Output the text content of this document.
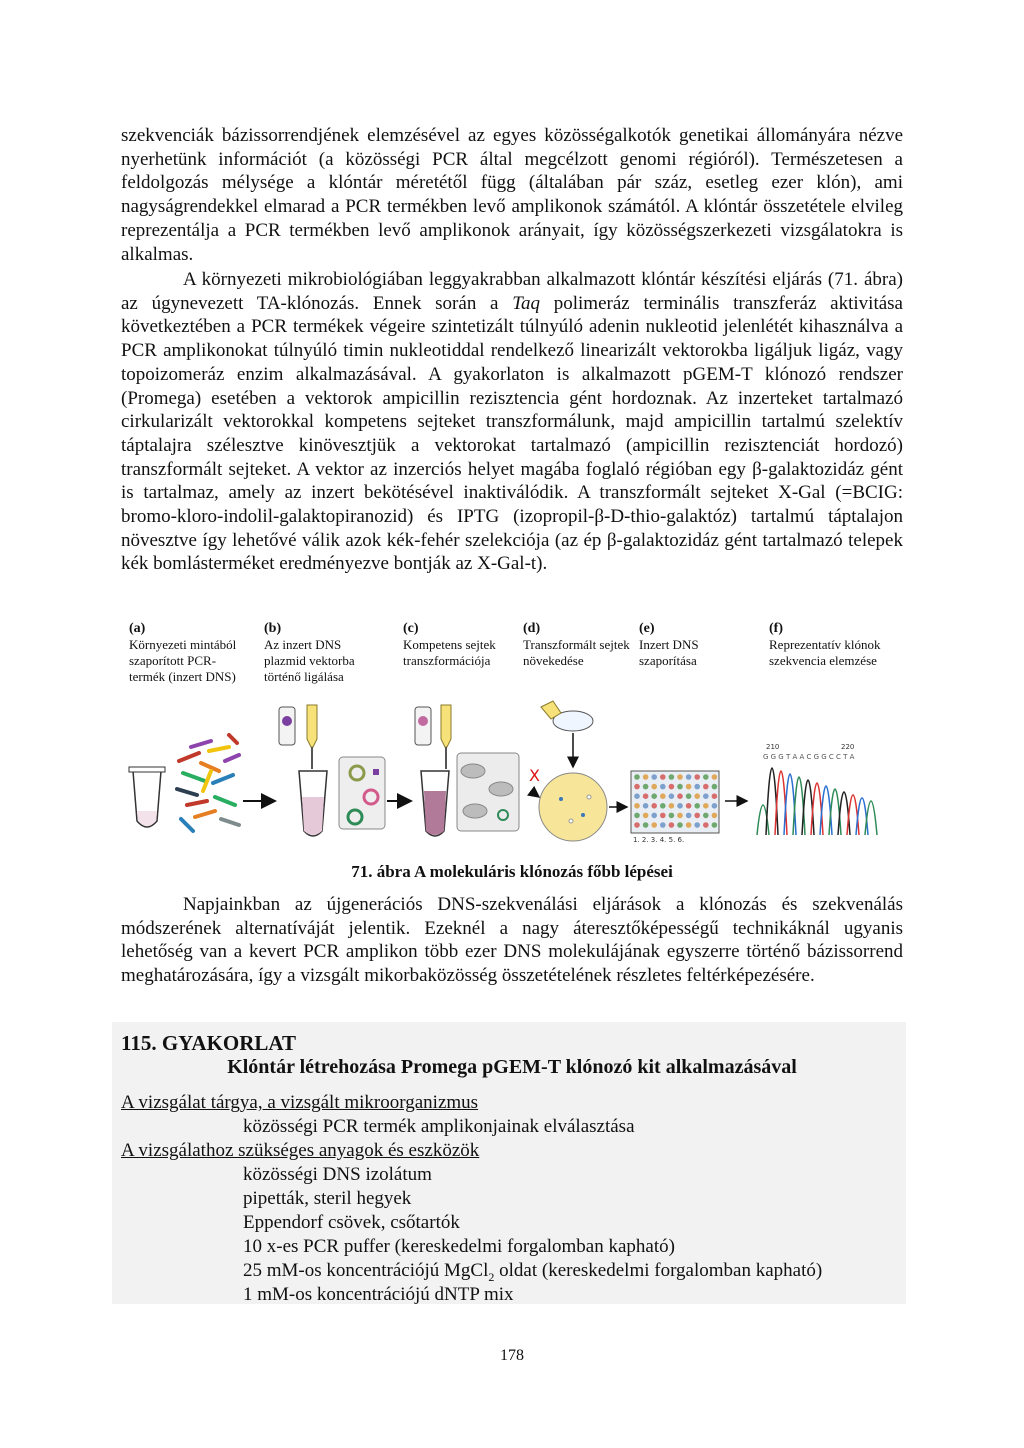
szekvenciák bázissorrendjének elemzésével az egyes közösségalkotók genetikai állományára nézve nyerhetünk információt (a közösségi PCR által megcélzott genomi régióról). Természetesen a feldolgozás mélysége a klóntár méretétől függ (általában pár száz, esetleg ezer klón), ami nagyságrendekkel elmarad a PCR termékben levő amplikonok számától. A klóntár összetétele elvileg reprezentálja a PCR termékben levő amplikonok arányait, így közösségszerkezeti vizsgálatokra is alkalmas.

A környezeti mikrobiológiában leggyakrabban alkalmazott klóntár készítési eljárás (71. ábra) az úgynevezett TA-klónozás. Ennek során a Taq polimeráz terminális transzferáz aktivitása következtében a PCR termékek végeire szintetizált túlnyúló adenin nukleotid jelenlétét kihasználva a PCR amplikonokat túlnyúló timin nukleotiddal rendelkező linearizált vektorokba ligáljuk ligáz, vagy topoizomeráz enzim alkalmazásával. A gyakorlaton is alkalmazott pGEM-T klónozó rendszer (Promega) esetében a vektorok ampicillin rezisztencia gént hordoznak. Az inzerteket tartalmazó cirkularizált vektorokkal kompetens sejteket transzformálunk, majd ampicillin tartalmú szelektív táptalajra szélesztve kinövesztjük a vektorokat tartalmazó (ampicillin rezisztenciát hordozó) transzformált sejteket. A vektor az inzerciós helyet magába foglaló régióban egy β-galaktozidáz gént is tartalmaz, amely az inzert bekötésével inaktiválódik. A transzformált sejteket X-Gal (=BCIG: bromo-kloro-indolil-galaktopiranozid) és IPTG (izopropil-β-D-thio-galaktóz) tartalmú táptalajon növesztve így lehetővé válik azok kék-fehér szelekciója (az ép β-galaktozidáz gént tartalmazó telepek kék bomlásterméket eredményezve bontják az X-Gal-t).

(a)
Környezeti mintából szaporított PCR-termék (inzert DNS)
(b)
Az inzert DNS plazmid vektorba történő ligálása
(c)
Kompetens sejtek transzformációja
(d)
Transzformált sejtek növekedése
(e)
Inzert DNS szaporítása
(f)
Reprezentatív klónok szekvencia elemzése
X
1. 2. 3. 4. 5. 6.
210	220
G G G T A A C G G C C T A
71. ábra A molekuláris klónozás főbb lépései

Napjainkban az újgenerációs DNS-szekvenálási eljárások a klónozás és szekvenálás módszerének alternatíváját jelentik. Ezeknél a nagy áteresztőképességű technikáknál ugyanis lehetőség van a kevert PCR amplikon több ezer DNS molekulájának egyszerre történő bázissorrend meghatározására, így a vizsgált mikorbaközösség összetételének részletes feltérképezésére.

115. GYAKORLAT
Klóntár létrehozása Promega pGEM-T klónozó kit alkalmazásával
A vizsgálat tárgya, a vizsgált mikroorganizmus
közösségi PCR termék amplikonjainak elválasztása
A vizsgálathoz szükséges anyagok és eszközök
közösségi DNS izolátum
pipetták, steril hegyek
Eppendorf csövek, csőtartók
10 x-es PCR puffer (kereskedelmi forgalomban kapható)
25 mM-os koncentrációjú MgCl$_2$ oldat (kereskedelmi forgalomban kapható)
1 mM-os koncentrációjú dNTP mix
178
